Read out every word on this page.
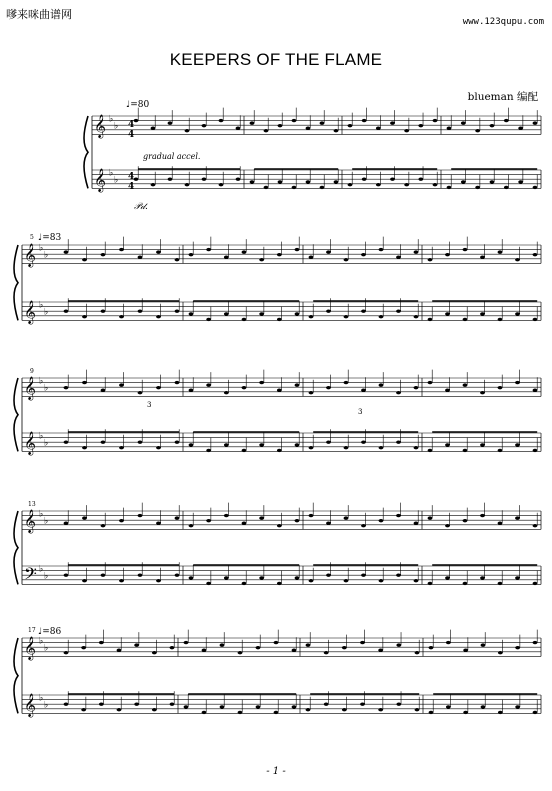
嗲来咪曲谱网
www.123qupu.com
KEEPERS OF THE FLAME
blueman 编配
𝄞 ♭
♭
𝄞 ♭
♭
𝄞 ♭
♭
𝄞 ♭
♭
𝄞 ♭
♭
𝄞 ♭
♭
𝄞 ♭
♭
𝄢 ♭
♭
𝄞 ♭
♭
𝄞 ♭
♭
♩=80
gradual accel.
𝒫𝒹.
5 ♩=83
9
3
3
13
17 ♩=86
4
4
4
4
- 1 -
